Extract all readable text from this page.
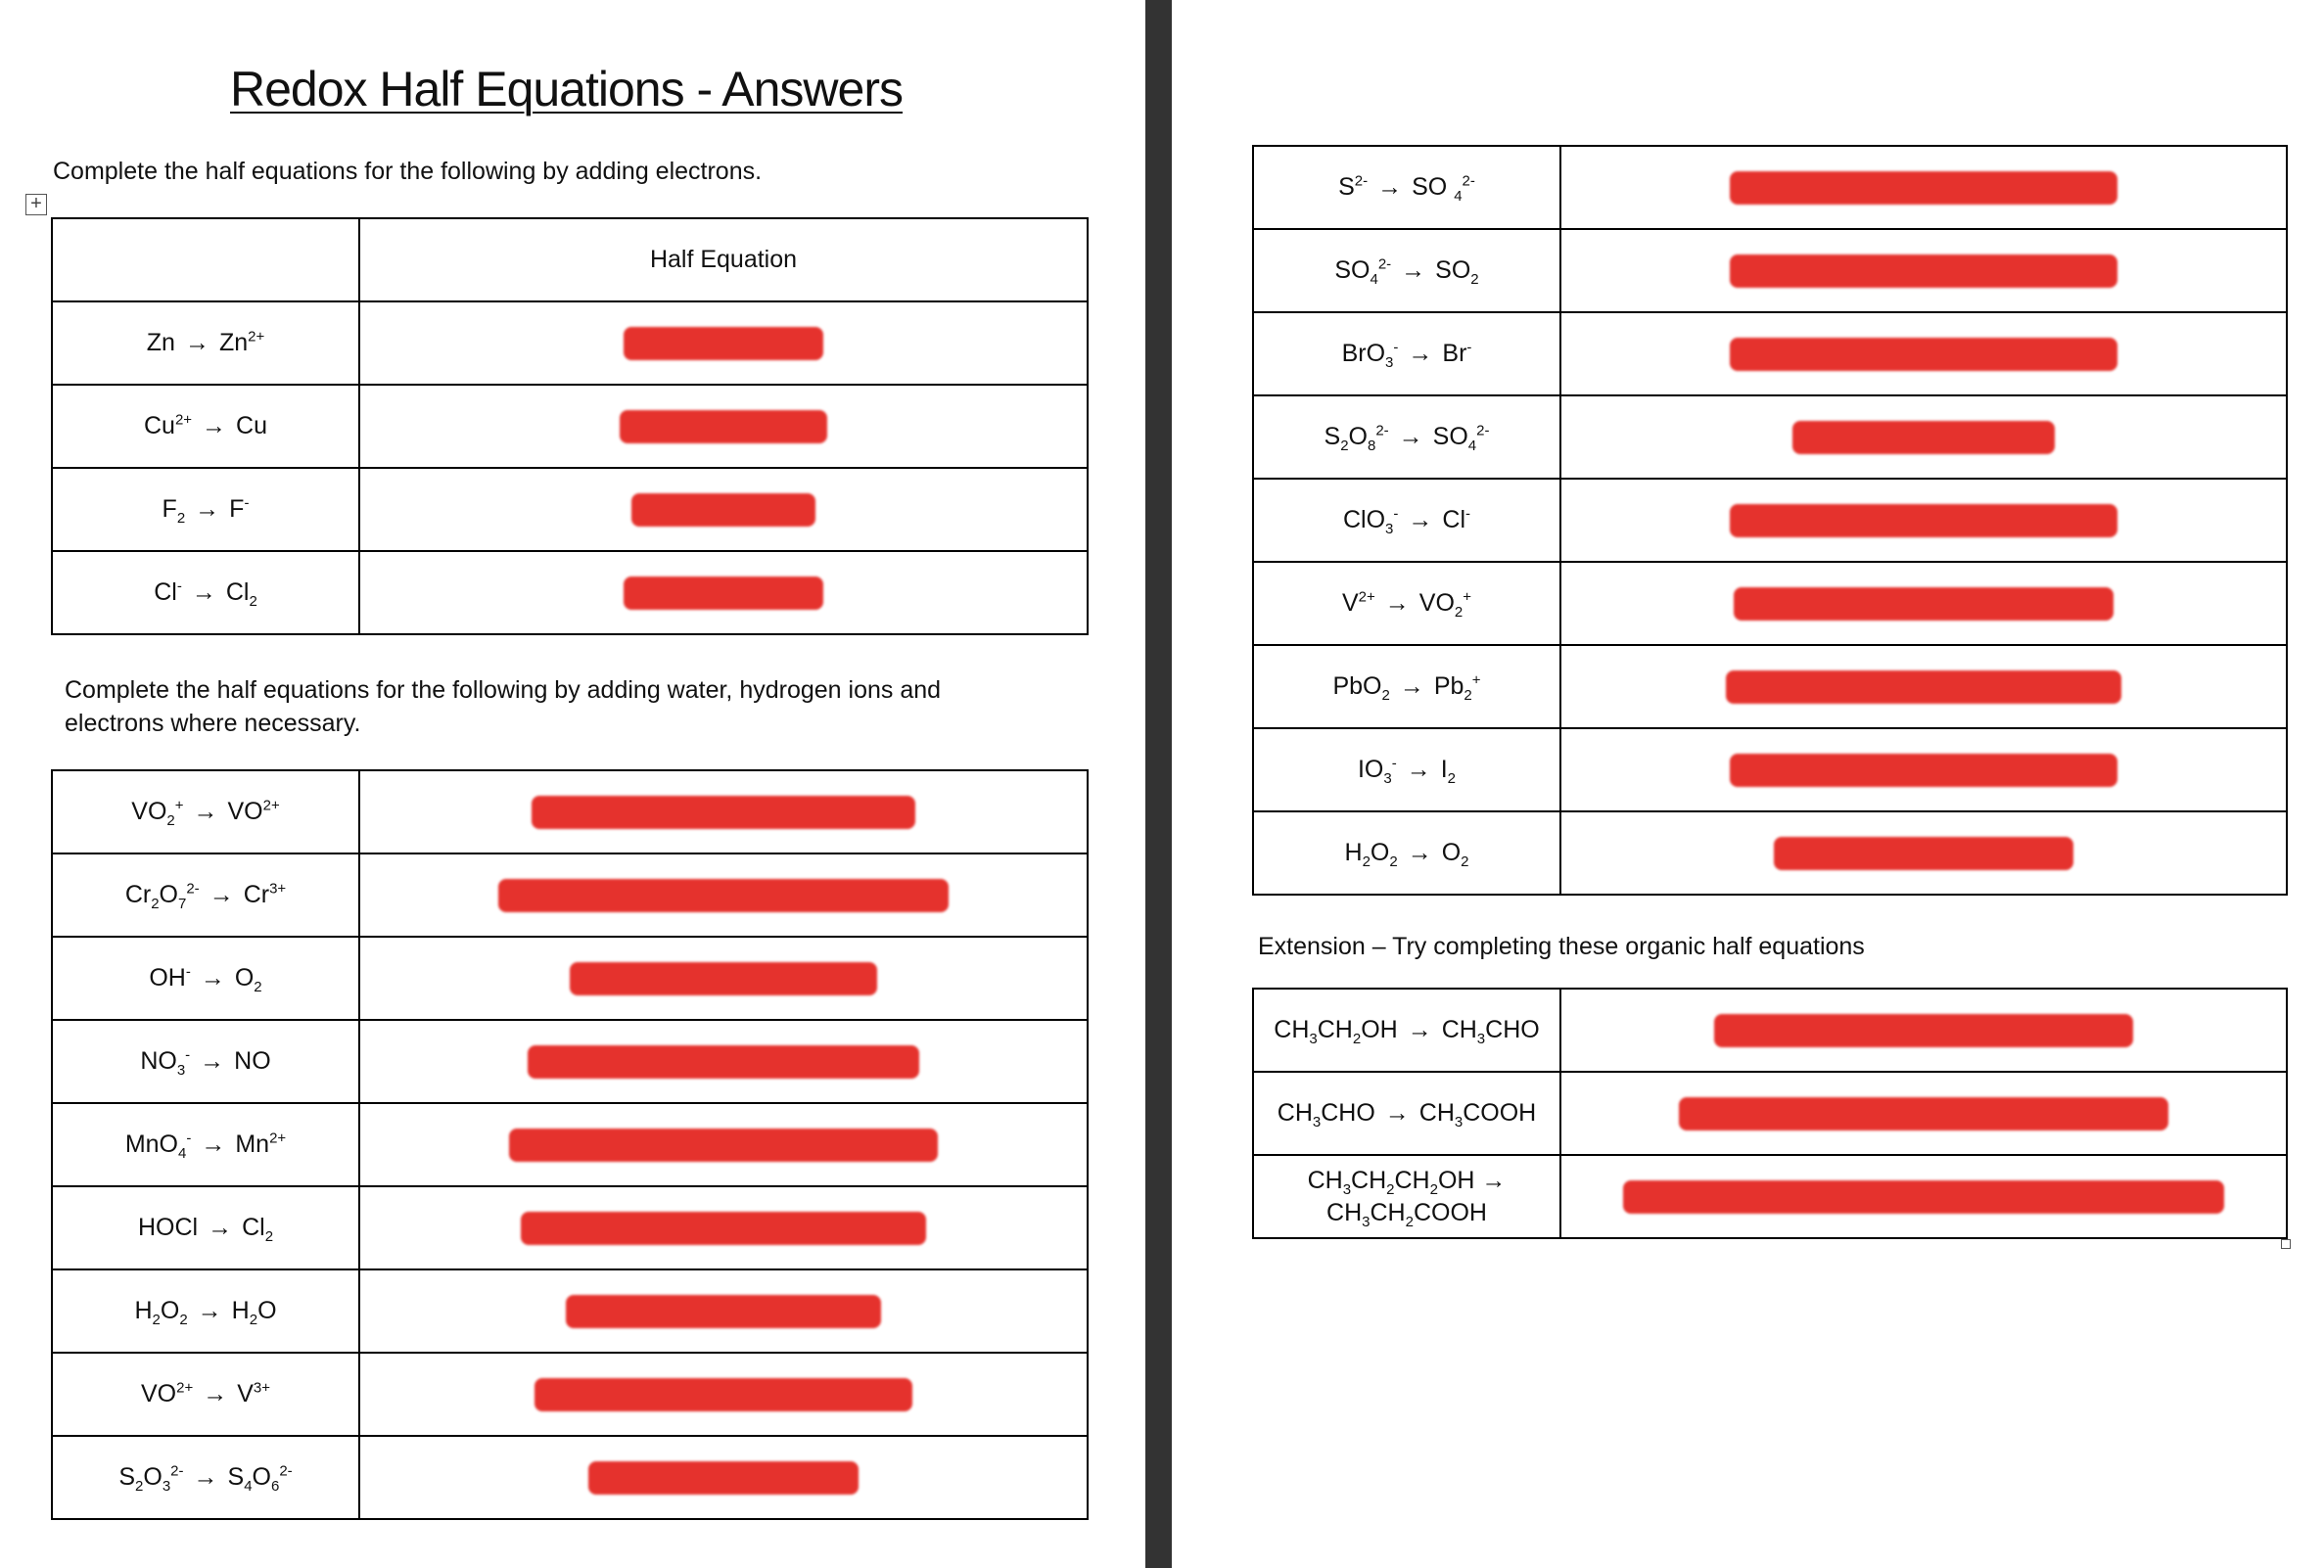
Redox Half Equations - Answers

Complete the half equations for the following by adding electrons.

+
	Half Equation
$Zn \to Zn^{2+}$	
$Cu^{2+} \to Cu$	
$F_2 \to F^-$	
$Cl^- \to Cl_2$	

Complete the half equations for the following by adding water, hydrogen ions and electrons where necessary.

$VO_2^+ \to VO^{2+}$	
$Cr_2O_7^{2-} \to Cr^{3+}$	
$OH^- \to O_2$	
$NO_3^-$ → NO	
$MnO_4^- \to Mn^{2+}$	
HOCl → $Cl_2$	
$H_2O_2 \to H_2O$	
$VO^{2+} \to V^{3+}$	
$S_2O_3^{2-} \to S_4O_6^{2-}$	
$S^{2-}$ → SO $_4^{2-}$	
$SO_4^{2-} \to SO_2$	
BrO$_3$- → Br-	
$S_2O_8^{2-} \to SO_4^{2-}$	
ClO$_3$- → Cl-	
$V^{2+} \to VO_2^+$	
$PbO_2 \to Pb_2^+$	
$IO_3^- \to I_2$	
$H_2O_2 \to O_2$	

Extension – Try completing these organic half equations

$CH_3CH_2OH \to CH_3CHO$	
$CH_3CHO$ → $CH_3COOH$	
$CH_3CH_2CH_2OH$ →
$CH_3CH_2COOH$	
